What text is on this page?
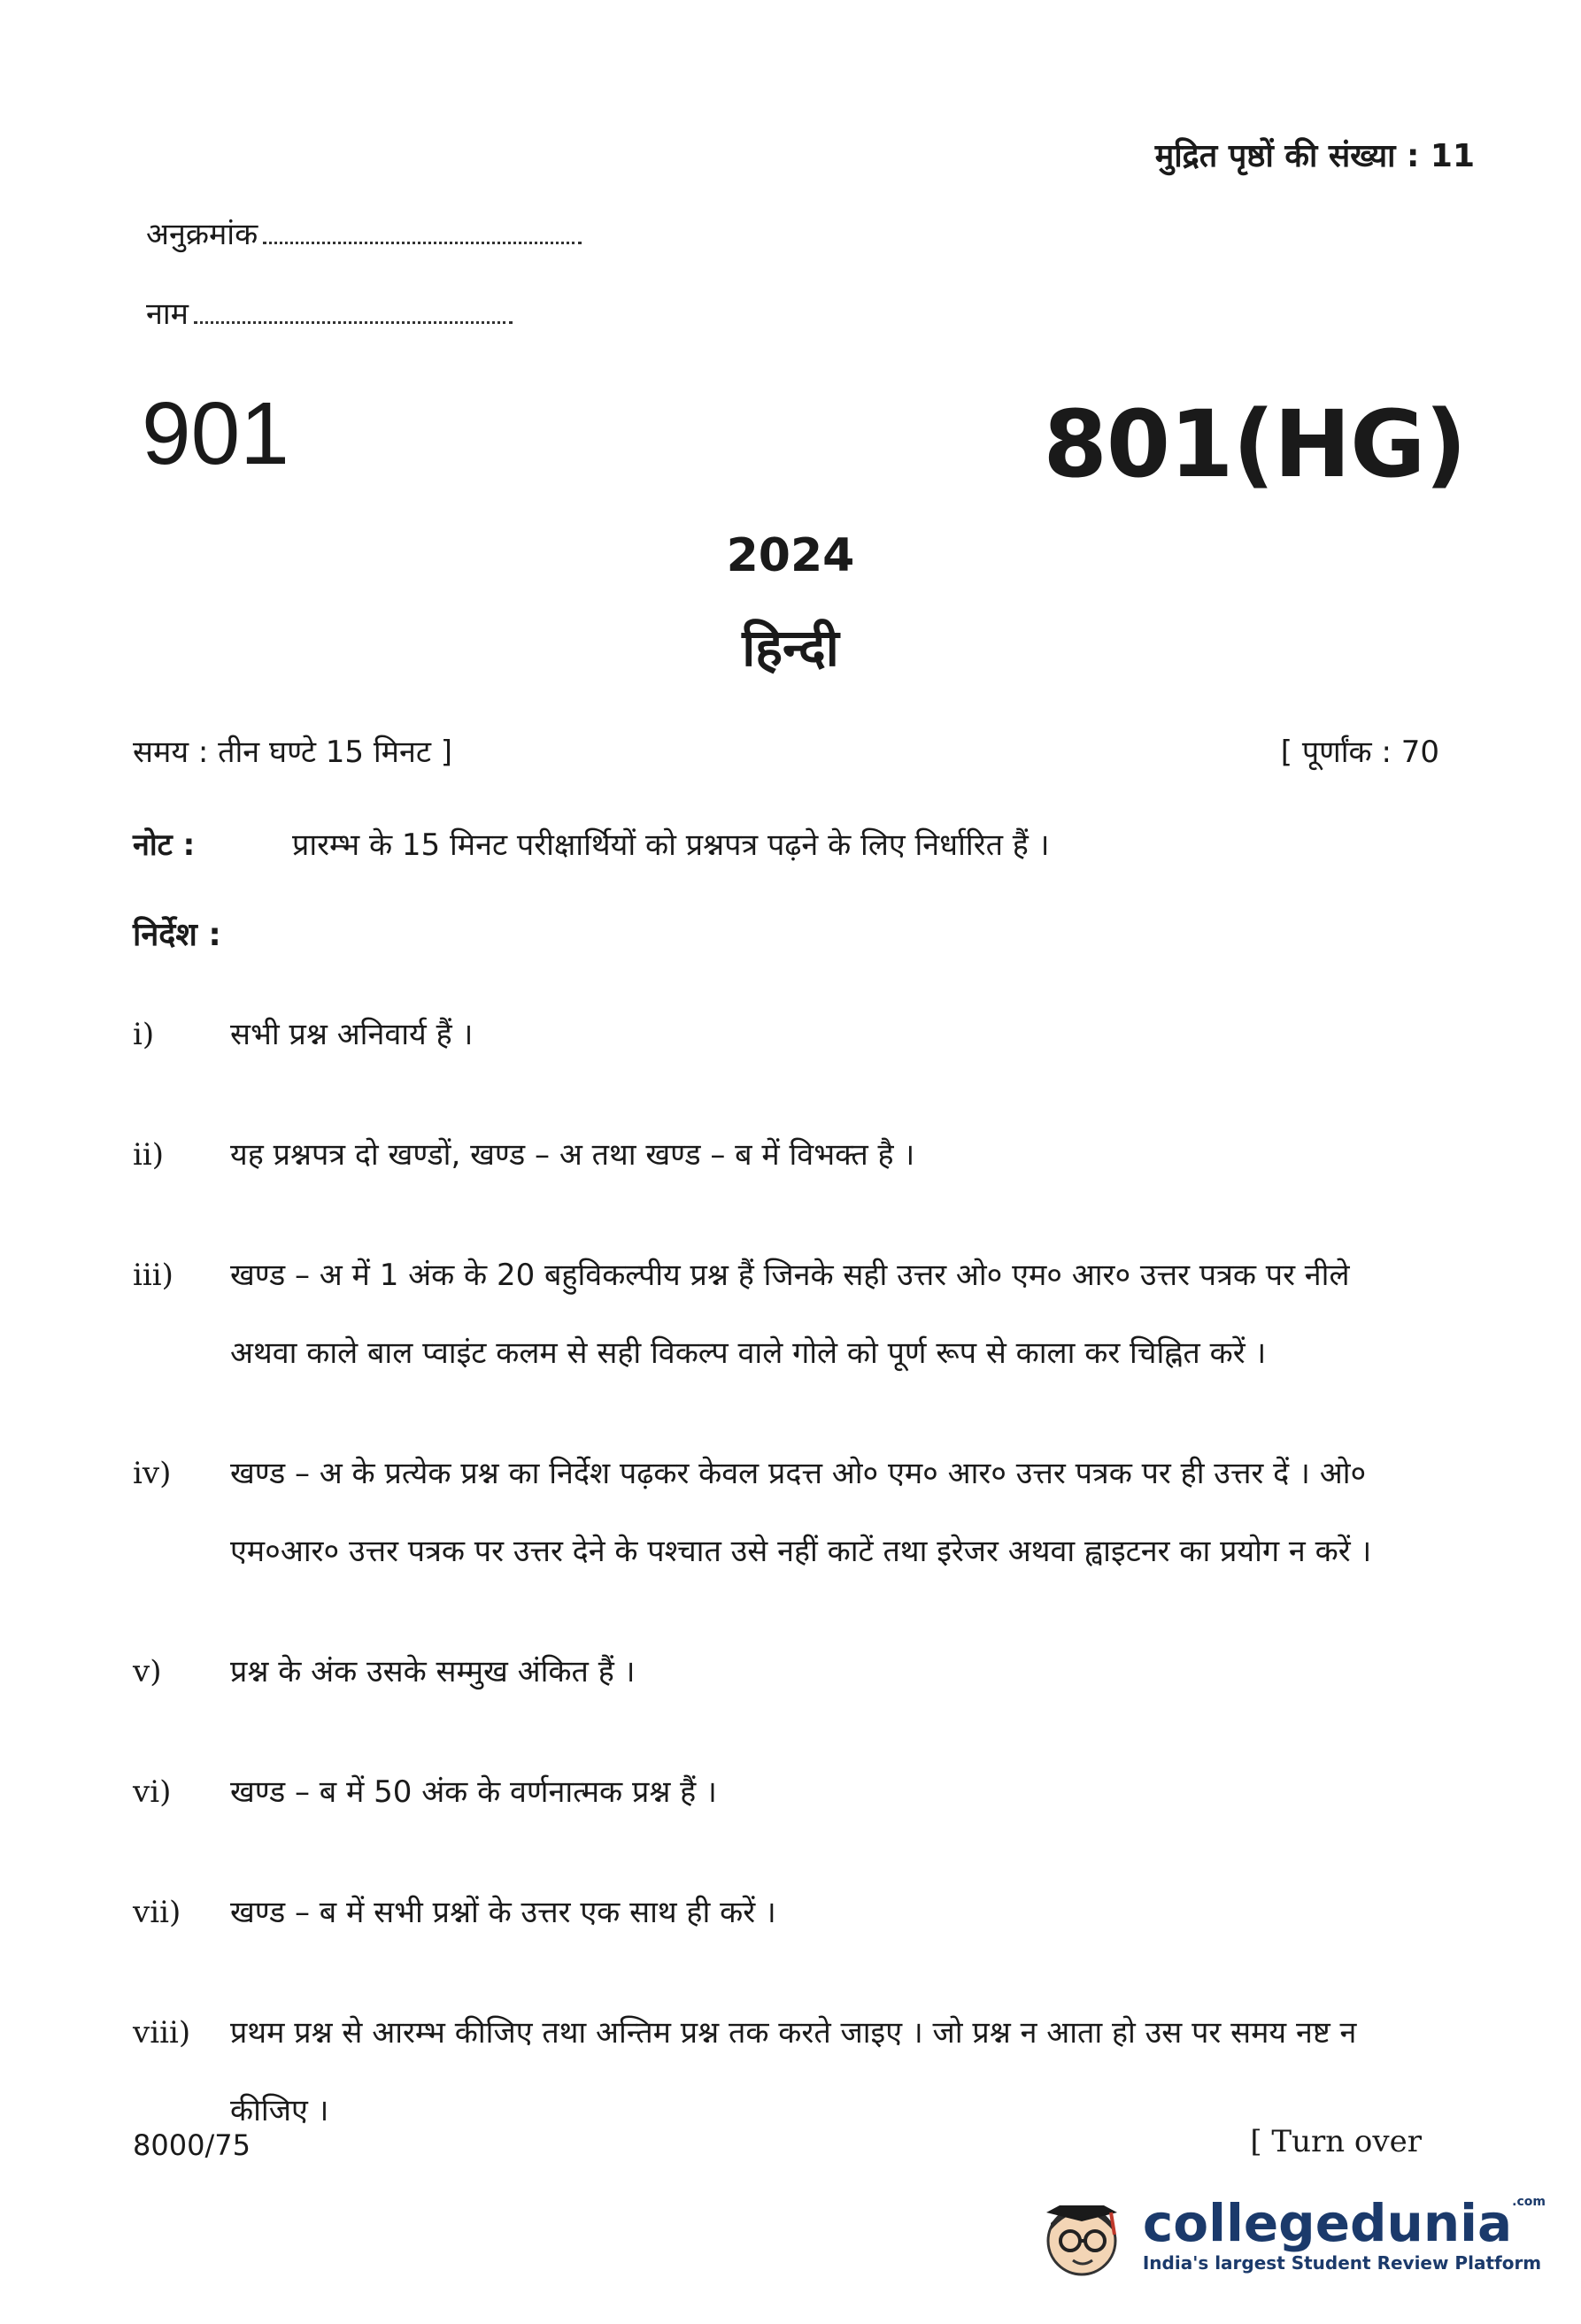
मुद्रित पृष्ठों की संख्या : 11
अनुक्रमांक
नाम
901	801(HG)
2024
हिन्दी
समय : तीन घण्टे 15 मिनट ]	[ पूर्णांक : 70
नोट :	प्रारम्भ के 15 मिनट परीक्षार्थियों को प्रश्नपत्र पढ़ने के लिए निर्धारित हैं ।
निर्देश :
i)	सभी प्रश्न अनिवार्य हैं ।
ii)	यह प्रश्नपत्र दो खण्डों, खण्ड – अ तथा खण्ड – ब में विभक्त है ।
iii)	खण्ड – अ में 1 अंक के 20 बहुविकल्पीय प्रश्न हैं जिनके सही उत्तर ओ० एम० आर० उत्तर पत्रक पर नीले अथवा काले बाल प्वाइंट कलम से सही विकल्प वाले गोले को पूर्ण रूप से काला कर चिह्नित करें ।
iv)	खण्ड – अ के प्रत्येक प्रश्न का निर्देश पढ़कर केवल प्रदत्त ओ० एम० आर० उत्तर पत्रक पर ही उत्तर दें । ओ० एम०आर० उत्तर पत्रक पर उत्तर देने के पश्चात उसे नहीं काटें तथा इरेजर अथवा ह्वाइटनर का प्रयोग न करें ।
v)	प्रश्न के अंक उसके सम्मुख अंकित हैं ।
vi)	खण्ड – ब में 50 अंक के वर्णनात्मक प्रश्न हैं ।
vii)	खण्ड – ब में सभी प्रश्नों के उत्तर एक साथ ही करें ।
viii)	प्रथम प्रश्न से आरम्भ कीजिए तथा अन्तिम प्रश्न तक करते जाइए । जो प्रश्न न आता हो उस पर समय नष्ट न कीजिए ।
8000/75	[ Turn over
collegedunia$^{.com}$
India's largest Student Review Platform
